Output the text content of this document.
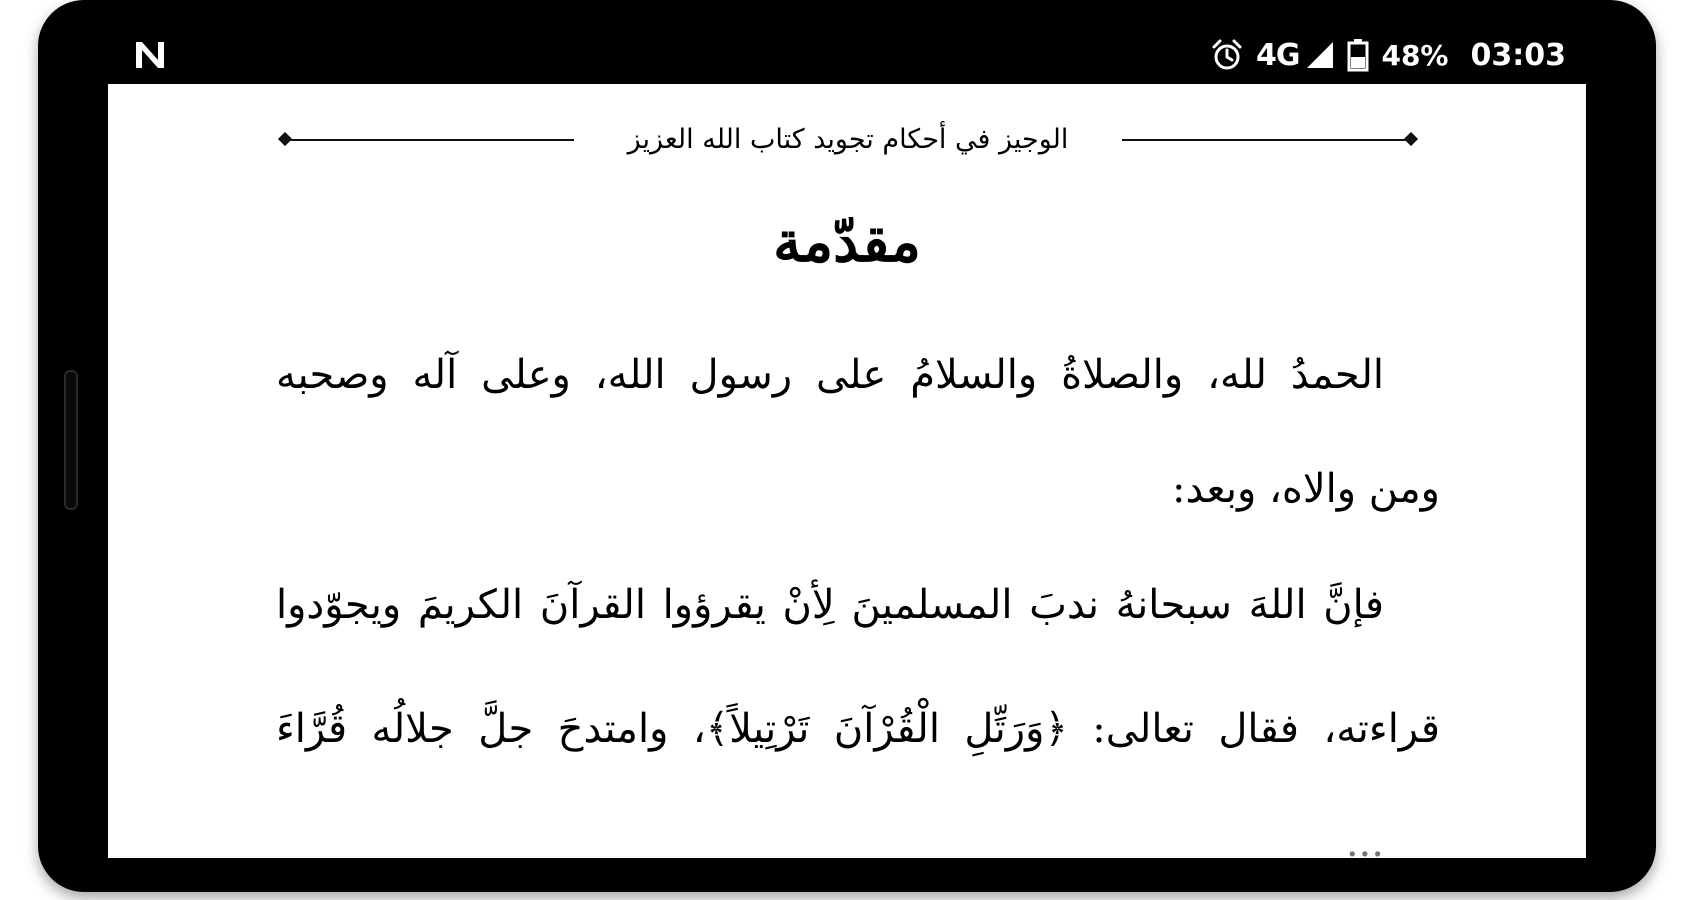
4G	48% 03:03
الوجيز في أحكام تجويد كتاب الله العزيز
مقدّمة
الحمدُ لله، والصلاةُ والسلامُ على رسول الله، وعلى آله وصحبه
ومن والاه، وبعد:
فإنَّ اللهَ سبحانهُ ندبَ المسلمينَ لِأنْ يقرؤوا القرآنَ الكريمَ ويجوّدوا
قراءته، فقال تعالى: ﴿وَرَتِّلِ الْقُرْآنَ تَرْتِيلاً﴾، وامتدحَ جلَّ جلالُه قُرَّاءَ
...
